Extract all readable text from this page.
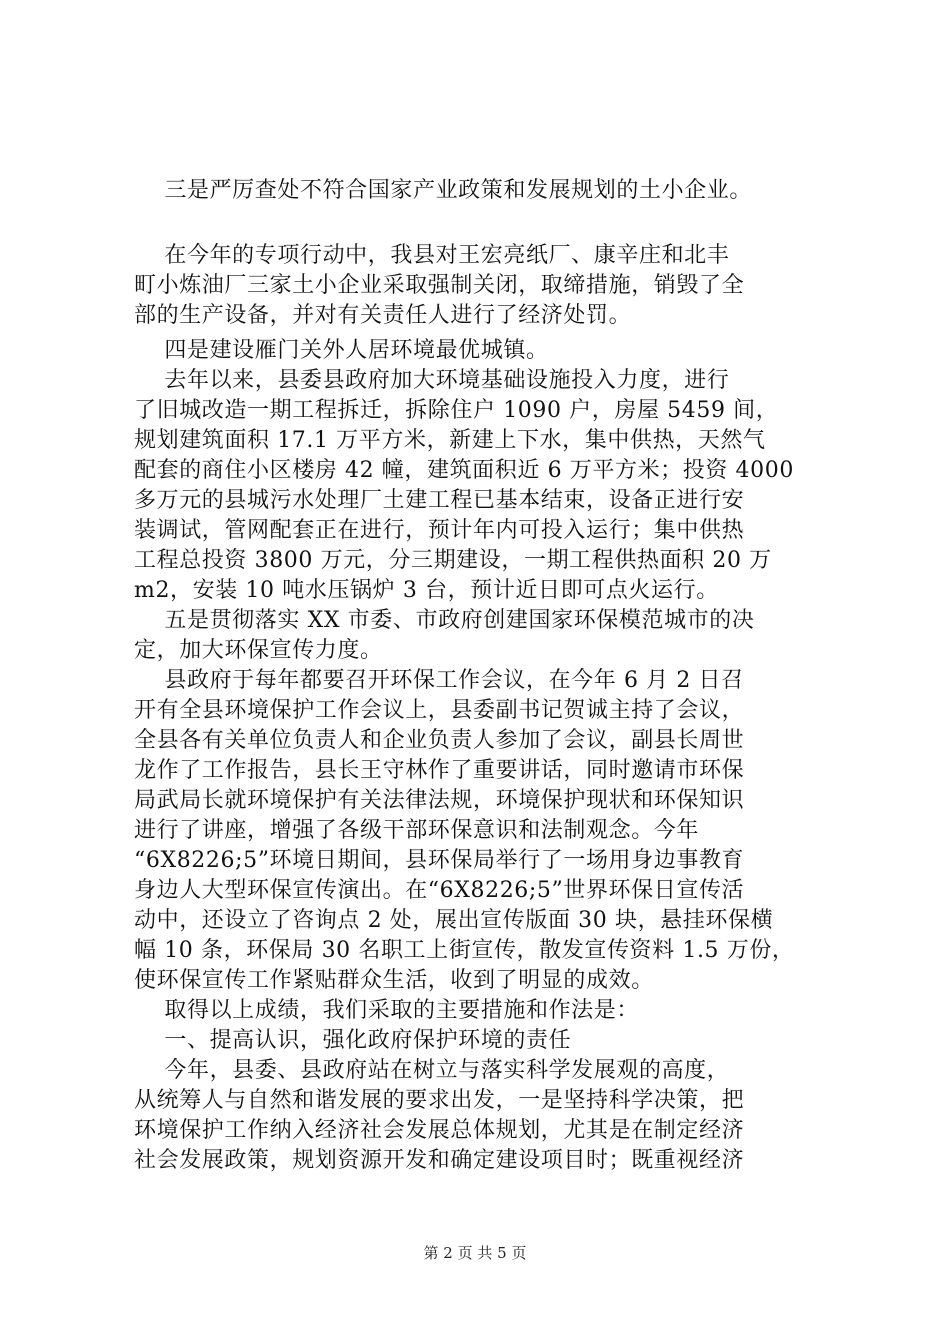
三是严厉查处不符合国家产业政策和发展规划的土小企业。
在今年的专项行动中，我县对王宏亮纸厂、康辛庄和北丰
町小炼油厂三家土小企业采取强制关闭，取缔措施，销毁了全
部的生产设备，并对有关责任人进行了经济处罚。
四是建设雁门关外人居环境最优城镇。
去年以来，县委县政府加大环境基础设施投入力度，进行
了旧城改造一期工程拆迁，拆除住户 1090 户，房屋 5459 间，
规划建筑面积 17.1 万平方米，新建上下水，集中供热，天然气
配套的商住小区楼房 42 幢，建筑面积近 6 万平方米；投资 4000
多万元的县城污水处理厂土建工程已基本结束，设备正进行安
装调试，管网配套正在进行，预计年内可投入运行；集中供热
工程总投资 3800 万元，分三期建设，一期工程供热面积 20 万
m2，安装 10 吨水压锅炉 3 台，预计近日即可点火运行。
五是贯彻落实 XX 市委、市政府创建国家环保模范城市的决
定，加大环保宣传力度。
县政府于每年都要召开环保工作会议，在今年 6 月 2 日召
开有全县环境保护工作会议上，县委副书记贺诚主持了会议，
全县各有关单位负责人和企业负责人参加了会议，副县长周世
龙作了工作报告，县长王守林作了重要讲话，同时邀请市环保
局武局长就环境保护有关法律法规，环境保护现状和环保知识
进行了讲座，增强了各级干部环保意识和法制观念。今年
“6X8226;5”环境日期间，县环保局举行了一场用身边事教育
身边人大型环保宣传演出。在“6X8226;5”世界环保日宣传活
动中，还设立了咨询点 2 处，展出宣传版面 30 块，悬挂环保横
幅 10 条，环保局 30 名职工上街宣传，散发宣传资料 1.5 万份，
使环保宣传工作紧贴群众生活，收到了明显的成效。
取得以上成绩，我们采取的主要措施和作法是：
一、提高认识，强化政府保护环境的责任
今年，县委、县政府站在树立与落实科学发展观的高度，
从统筹人与自然和谐发展的要求出发，一是坚持科学决策，把
环境保护工作纳入经济社会发展总体规划，尤其是在制定经济
社会发展政策，规划资源开发和确定建设项目时；既重视经济
第 2 页 共 5 页
